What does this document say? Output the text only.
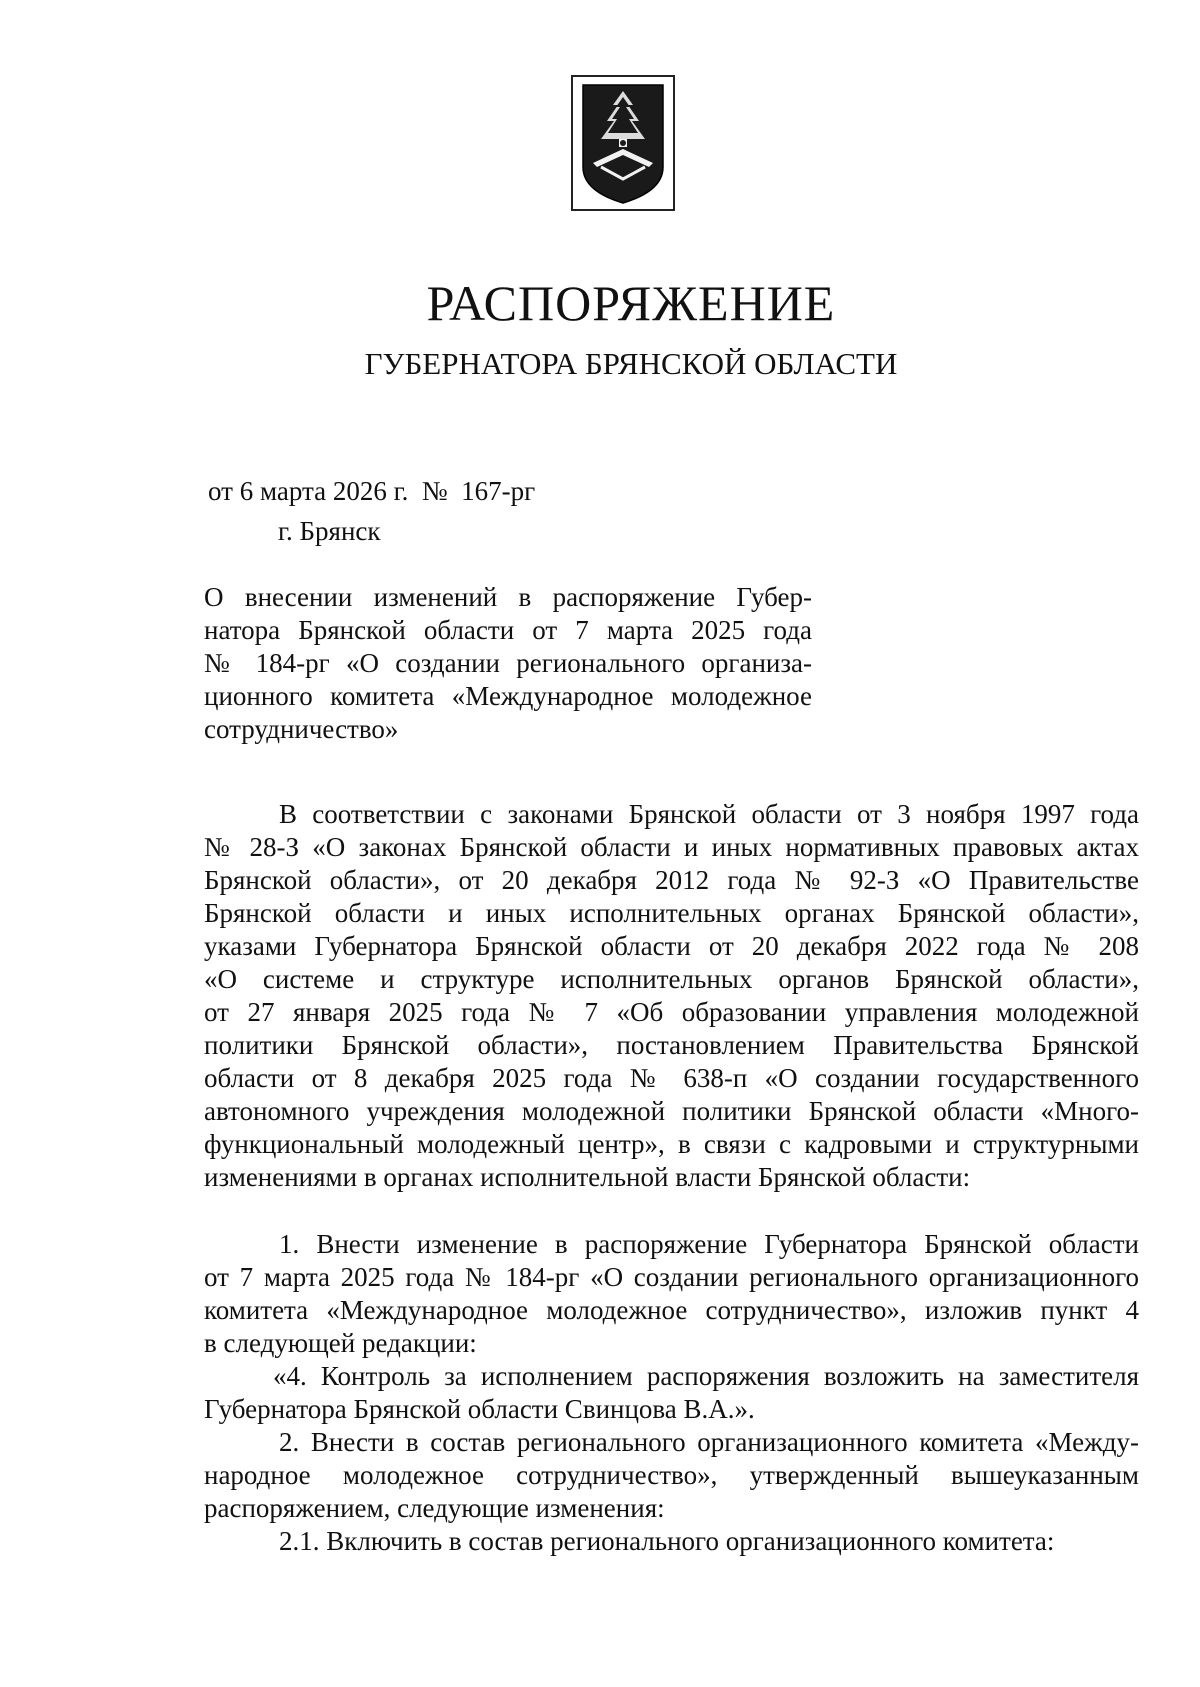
РАСПОРЯЖЕНИЕ
ГУБЕРНАТОРА БРЯНСКОЙ ОБЛАСТИ
от 6 марта 2026 г.  №  167-рг
г. Брянск
О внесении изменений в распоряжение Губер-
натора Брянской области от 7 марта 2025 года
№ 184-рг «О создании регионального организа-
ционного комитета «Международное молодежное
сотрудничество»
В соответствии с законами Брянской области от 3 ноября 1997 года
№ 28-З «О законах Брянской области и иных нормативных правовых актах
Брянской области», от 20 декабря 2012 года № 92-З «О Правительстве
Брянской области и иных исполнительных органах Брянской области»,
указами Губернатора Брянской области от 20 декабря 2022 года № 208
«О системе и структуре исполнительных органов Брянской области»,
от 27 января 2025 года № 7 «Об образовании управления молодежной
политики Брянской области», постановлением Правительства Брянской
области от 8 декабря 2025 года № 638-п «О создании государственного
автономного учреждения молодежной политики Брянской области «Много-
функциональный молодежный центр», в связи с кадровыми и структурными
изменениями в органах исполнительной власти Брянской области:
1. Внести изменение в распоряжение Губернатора Брянской области
от 7 марта 2025 года № 184-рг «О создании регионального организационного
комитета «Международное молодежное сотрудничество», изложив пункт 4
в следующей редакции:
«4. Контроль за исполнением распоряжения возложить на заместителя
Губернатора Брянской области Свинцова В.А.».
2. Внести в состав регионального организационного комитета «Между-
народное молодежное сотрудничество», утвержденный вышеуказанным
распоряжением, следующие изменения:
2.1. Включить в состав регионального организационного комитета:
